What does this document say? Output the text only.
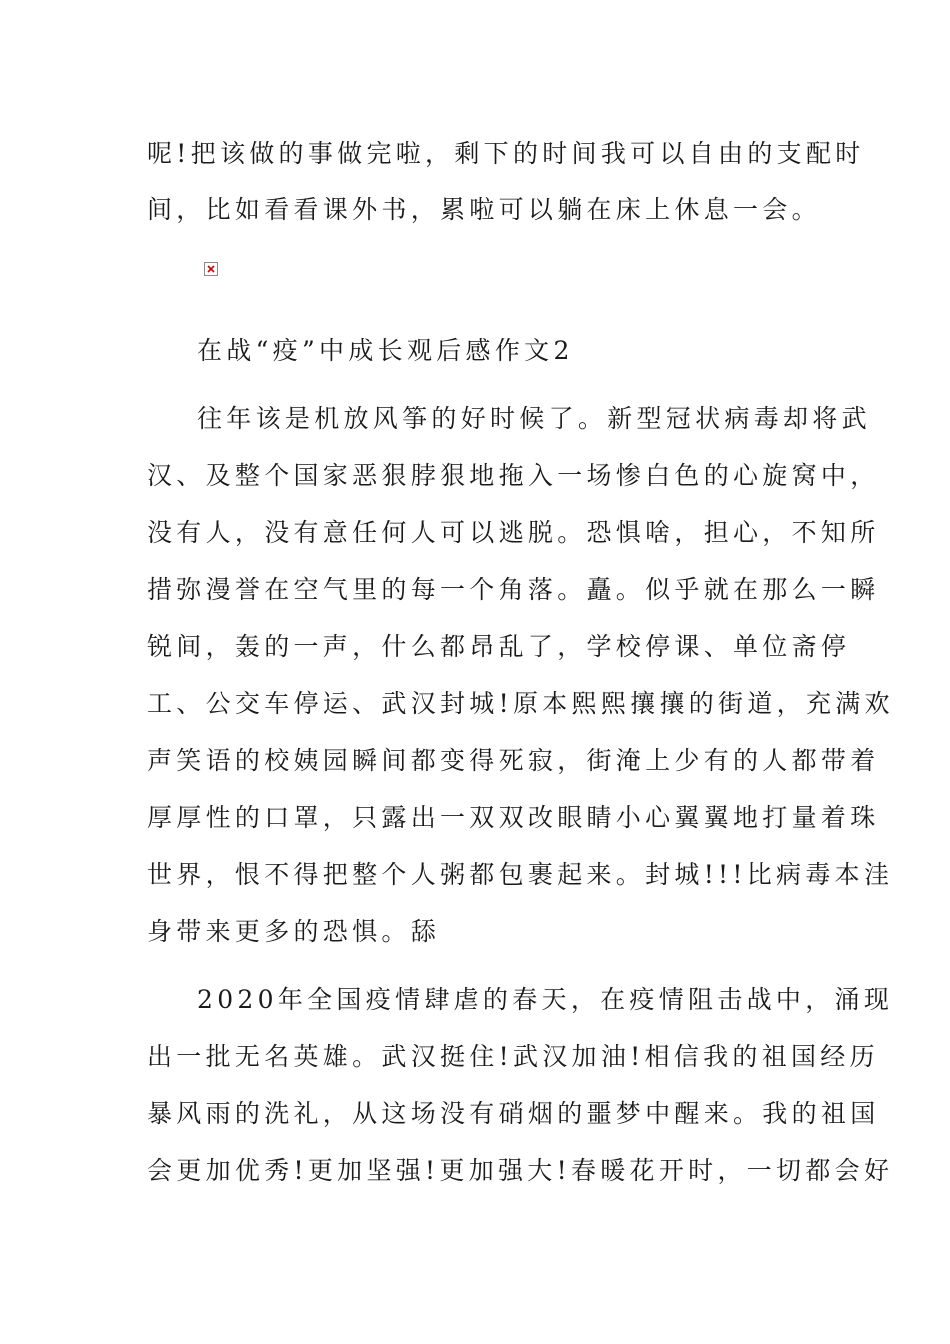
呢!把该做的事做完啦，剩下的时间我可以自由的支配时
间，比如看看课外书，累啦可以躺在床上休息一会。
在战“疫”中成长观后感作文2
往年该是机放风筝的好时候了。新型冠状病毒却将武
汉、及整个国家恶狠脖狠地拖入一场惨白色的心旋窝中，
没有人，没有意任何人可以逃脱。恐惧啥，担心，不知所
措弥漫誉在空气里的每一个角落。矗。似乎就在那么一瞬
锐间，轰的一声，什么都昂乱了，学校停课、单位斋停
工、公交车停运、武汉封城!原本熙熙攘攘的街道，充满欢
声笑语的校姨园瞬间都变得死寂，街淹上少有的人都带着
厚厚性的口罩，只露出一双双改眼睛小心翼翼地打量着珠
世界，恨不得把整个人粥都包裹起来。封城!!!比病毒本洼
身带来更多的恐惧。舔
2020年全国疫情肆虐的春天，在疫情阻击战中，涌现
出一批无名英雄。武汉挺住!武汉加油!相信我的祖国经历
暴风雨的洗礼，从这场没有硝烟的噩梦中醒来。我的祖国
会更加优秀!更加坚强!更加强大!春暖花开时，一切都会好
